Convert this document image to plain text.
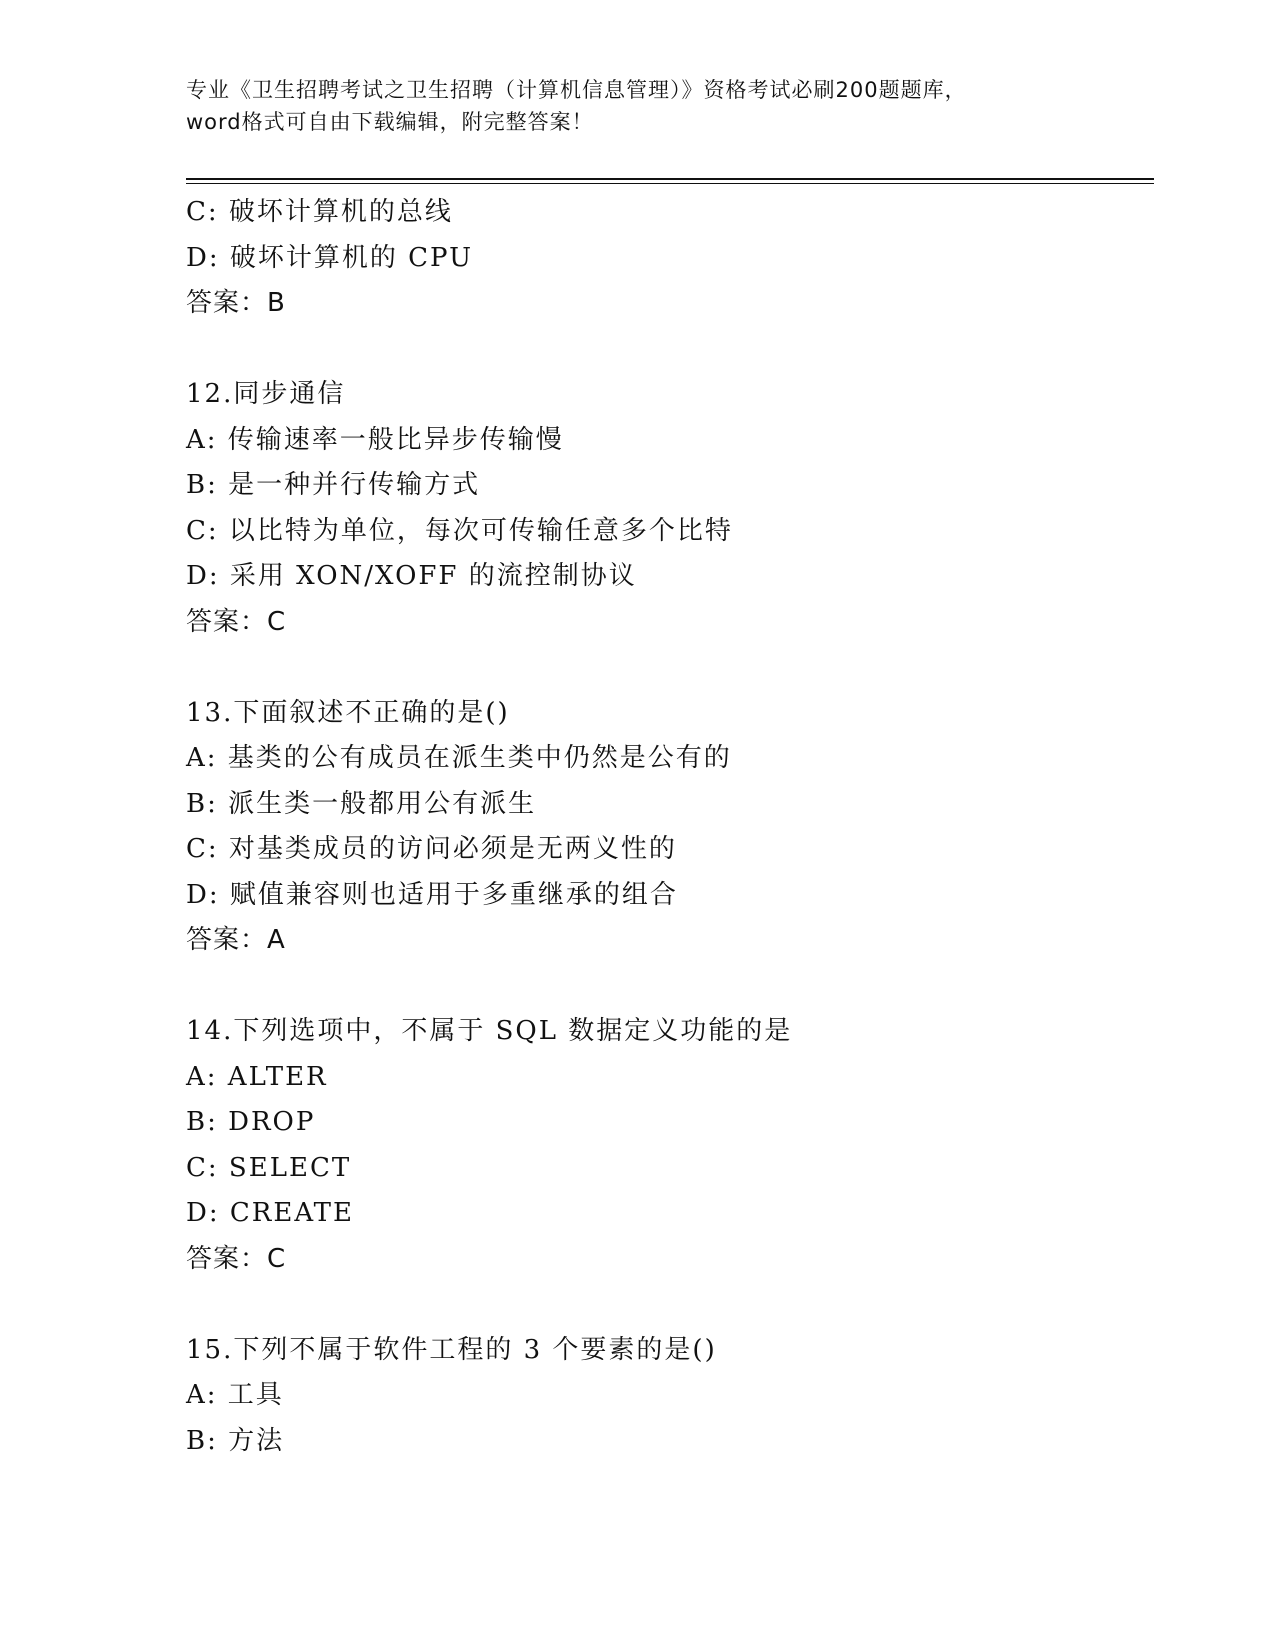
专业《卫生招聘考试之卫生招聘（计算机信息管理）》资格考试必刷200题题库，
word格式可自由下载编辑，附完整答案！
C: 破坏计算机的总线
D: 破坏计算机的 CPU
答案：B
12.同步通信
A: 传输速率一般比异步传输慢
B: 是一种并行传输方式
C: 以比特为单位，每次可传输任意多个比特
D: 采用 XON/XOFF 的流控制协议
答案：C
13.下面叙述不正确的是()
A: 基类的公有成员在派生类中仍然是公有的
B: 派生类一般都用公有派生
C: 对基类成员的访问必须是无两义性的
D: 赋值兼容则也适用于多重继承的组合
答案：A
14.下列选项中，不属于 SQL 数据定义功能的是
A: ALTER
B: DROP
C: SELECT
D: CREATE
答案：C
15.下列不属于软件工程的 3 个要素的是()
A: 工具
B: 方法
